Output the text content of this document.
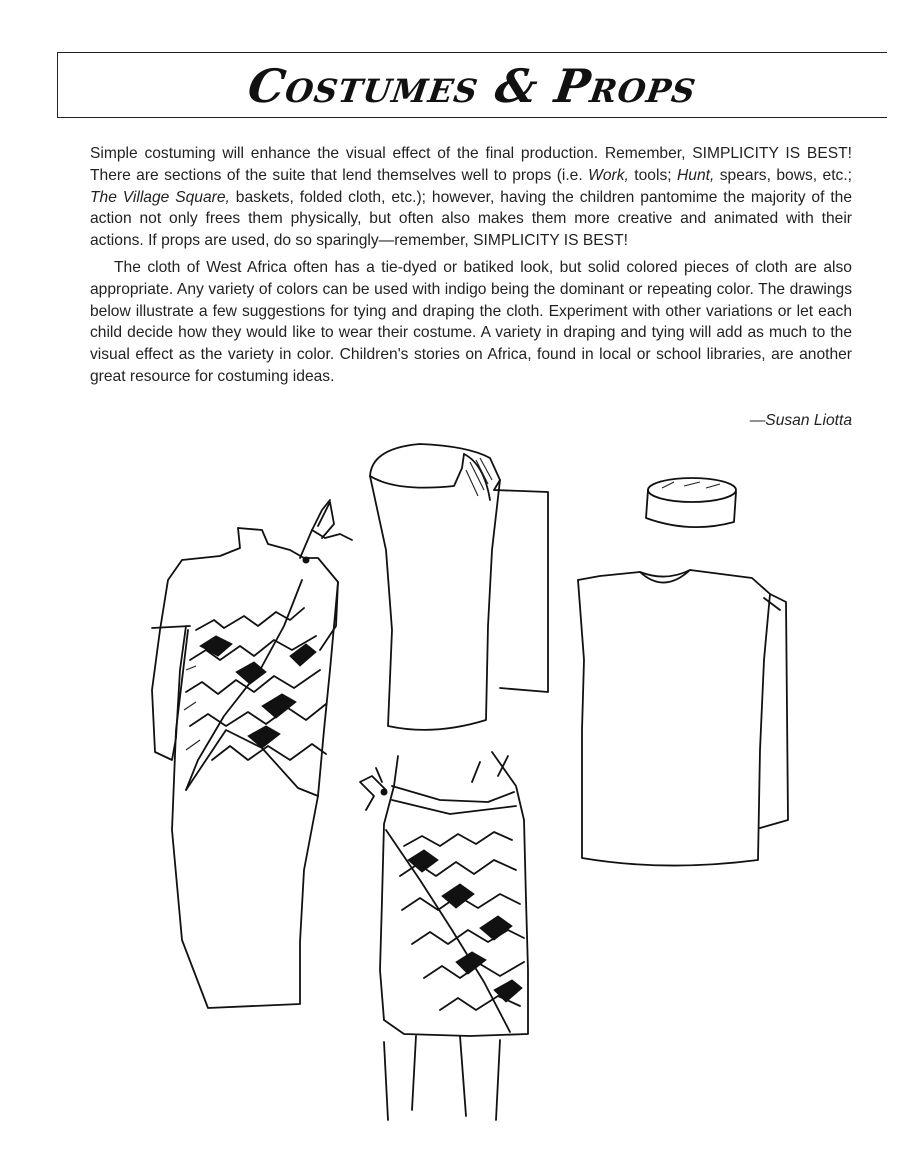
Costumes & Props

Simple costuming will enhance the visual effect of the final production. Remember, SIMPLICITY IS BEST! There are sections of the suite that lend themselves well to props (i.e. Work, tools; Hunt, spears, bows, etc.; The Village Square, baskets, folded cloth, etc.); however, having the children pantomime the majority of the action not only frees them physically, but often also makes them more creative and animated with their actions. If props are used, do so sparingly—remember, SIMPLICITY IS BEST!

The cloth of West Africa often has a tie-dyed or batiked look, but solid colored pieces of cloth are also appropriate. Any variety of colors can be used with indigo being the dominant or repeating color. The drawings below illustrate a few suggestions for tying and draping the cloth. Experiment with other variations or let each child decide how they would like to wear their costume. A variety in draping and tying will add as much to the visual effect as the variety in color. Children's stories on Africa, found in local or school libraries, are another great resource for costuming ideas.

—Susan Liotta
